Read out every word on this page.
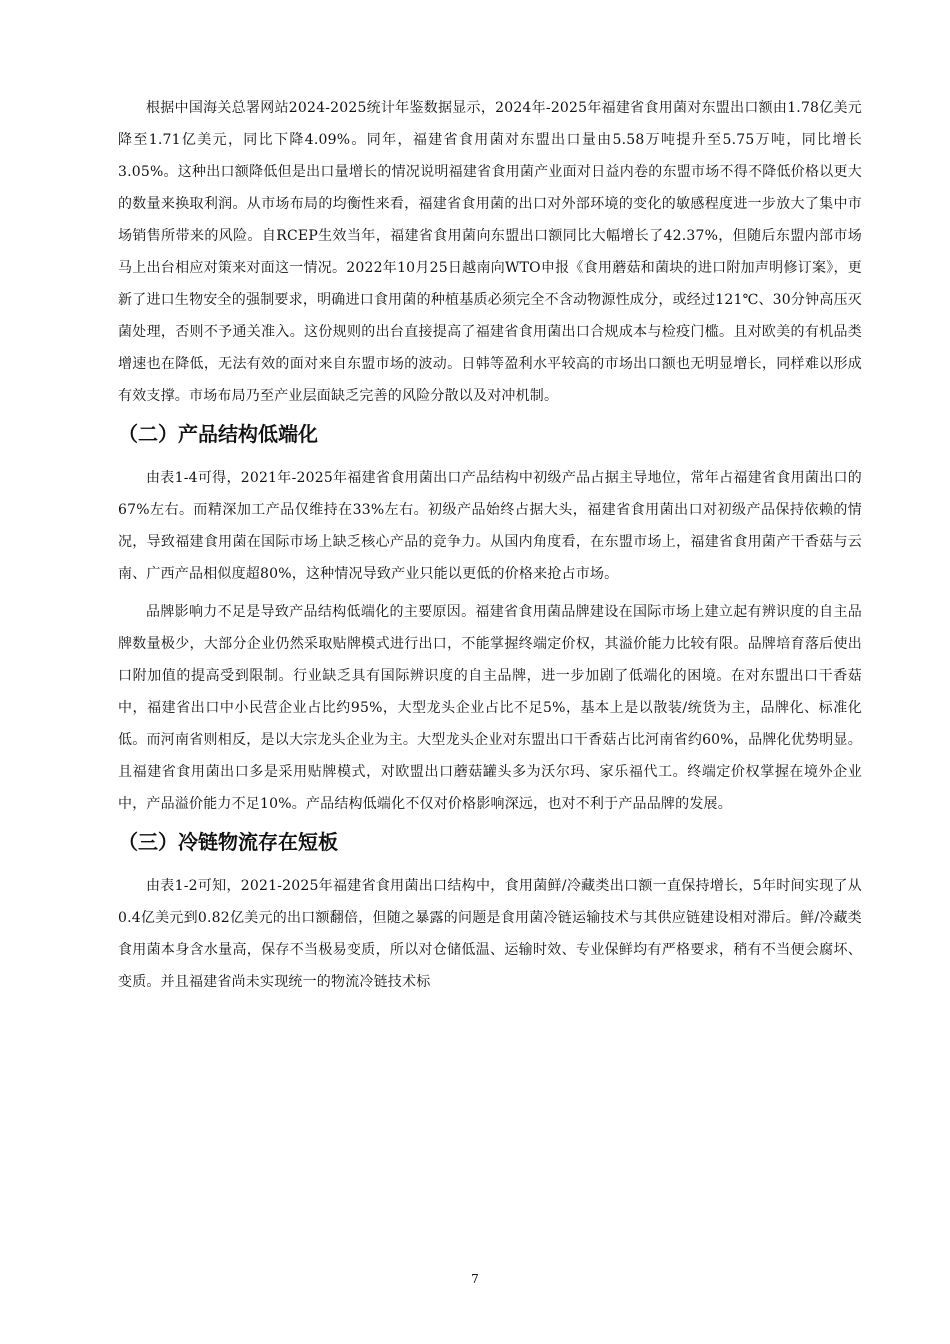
根据中国海关总署网站2024-2025统计年鉴数据显示，2024年-2025年福建省食用菌对东盟出口额由1.78亿美元降至1.71亿美元，同比下降4.09%。同年，福建省食用菌对东盟出口量由5.58万吨提升至5.75万吨，同比增长3.05%。这种出口额降低但是出口量增长的情况说明福建省食用菌产业面对日益内卷的东盟市场不得不降低价格以更大的数量来换取利润。从市场布局的均衡性来看，福建省食用菌的出口对外部环境的变化的敏感程度进一步放大了集中市场销售所带来的风险。自RCEP生效当年，福建省食用菌向东盟出口额同比大幅增长了42.37%，但随后东盟内部市场马上出台相应对策来对面这一情况。2022年10月25日越南向WTO申报《食用蘑菇和菌块的进口附加声明修订案》，更新了进口生物安全的强制要求，明确进口食用菌的种植基质必须完全不含动物源性成分，或经过121℃、30分钟高压灭菌处理，否则不予通关准入。这份规则的出台直接提高了福建省食用菌出口合规成本与检疫门槛。且对欧美的有机品类增速也在降低，无法有效的面对来自东盟市场的波动。日韩等盈利水平较高的市场出口额也无明显增长，同样难以形成有效支撑。市场布局乃至产业层面缺乏完善的风险分散以及对冲机制。

（二）产品结构低端化

由表1-4可得，2021年-2025年福建省食用菌出口产品结构中初级产品占据主导地位，常年占福建省食用菌出口的67%左右。而精深加工产品仅维持在33%左右。初级产品始终占据大头，福建省食用菌出口对初级产品保持依赖的情况，导致福建食用菌在国际市场上缺乏核心产品的竞争力。从国内角度看，在东盟市场上，福建省食用菌产干香菇与云南、广西产品相似度超80%，这种情况导致产业只能以更低的价格来抢占市场。

品牌影响力不足是导致产品结构低端化的主要原因。福建省食用菌品牌建设在国际市场上建立起有辨识度的自主品牌数量极少，大部分企业仍然采取贴牌模式进行出口，不能掌握终端定价权，其溢价能力比较有限。品牌培育落后使出口附加值的提高受到限制。行业缺乏具有国际辨识度的自主品牌，进一步加剧了低端化的困境。在对东盟出口干香菇中，福建省出口中小民营企业占比约95%，大型龙头企业占比不足5%，基本上是以散装/统货为主，品牌化、标准化低。而河南省则相反，是以大宗龙头企业为主。大型龙头企业对东盟出口干香菇占比河南省约60%，品牌化优势明显。且福建省食用菌出口多是采用贴牌模式，对欧盟出口蘑菇罐头多为沃尔玛、家乐福代工。终端定价权掌握在境外企业中，产品溢价能力不足10%。产品结构低端化不仅对价格影响深远，也对不利于产品品牌的发展。

（三）冷链物流存在短板

由表1-2可知，2021-2025年福建省食用菌出口结构中，食用菌鲜/冷藏类出口额一直保持增长，5年时间实现了从0.4亿美元到0.82亿美元的出口额翻倍，但随之暴露的问题是食用菌冷链运输技术与其供应链建设相对滞后。鲜/冷藏类食用菌本身含水量高，保存不当极易变质，所以对仓储低温、运输时效、专业保鲜均有严格要求，稍有不当便会腐坏、变质。并且福建省尚未实现统一的物流冷链技术标

7
